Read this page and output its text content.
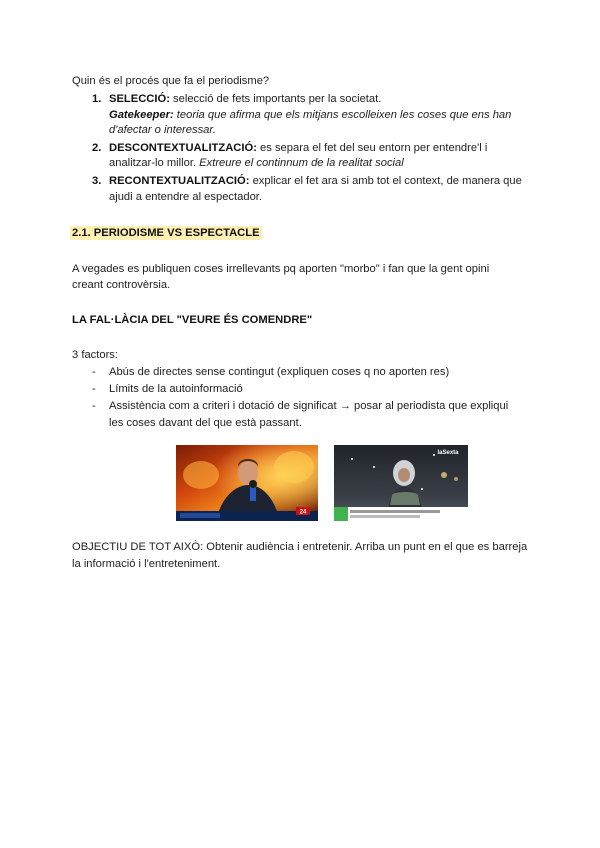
Quin és el procés que fa el periodisme?
1. SELECCIÓ: selecció de fets importants per la societat.
Gatekeeper: teoria que afirma que els mitjans escolleixen les coses que ens han
d'afectar o interessar.
2. DESCONTEXTUALITZACIÓ: es separa el fet del seu entorn per entendre'l i
analitzar-lo millor. Extreure el continnum de la realitat social
3. RECONTEXTUALITZACIÓ: explicar el fet ara si amb tot el context, de manera que
ajudi a entendre al espectador.
2.1. PERIODISME VS ESPECTACLE
A vegades es publiquen coses irrellevants pq aporten "morbo" i fan que la gent opini
creant controvèrsia.
LA FAL·LÀCIA DEL "VEURE ÉS COMENDRE"
3 factors:
- Abús de directes sense contingut (expliquen coses q no aporten res)
- Límits de la autoinformació
- Assistència com a criteri i dotació de significat → posar al periodista que expliqui
les coses davant del que està passant.
24
laSexta
OBJECTIU DE TOT AIXÒ: Obtenir audiència i entretenir. Arriba un punt en el que es barreja
la informació i l'entreteniment.
